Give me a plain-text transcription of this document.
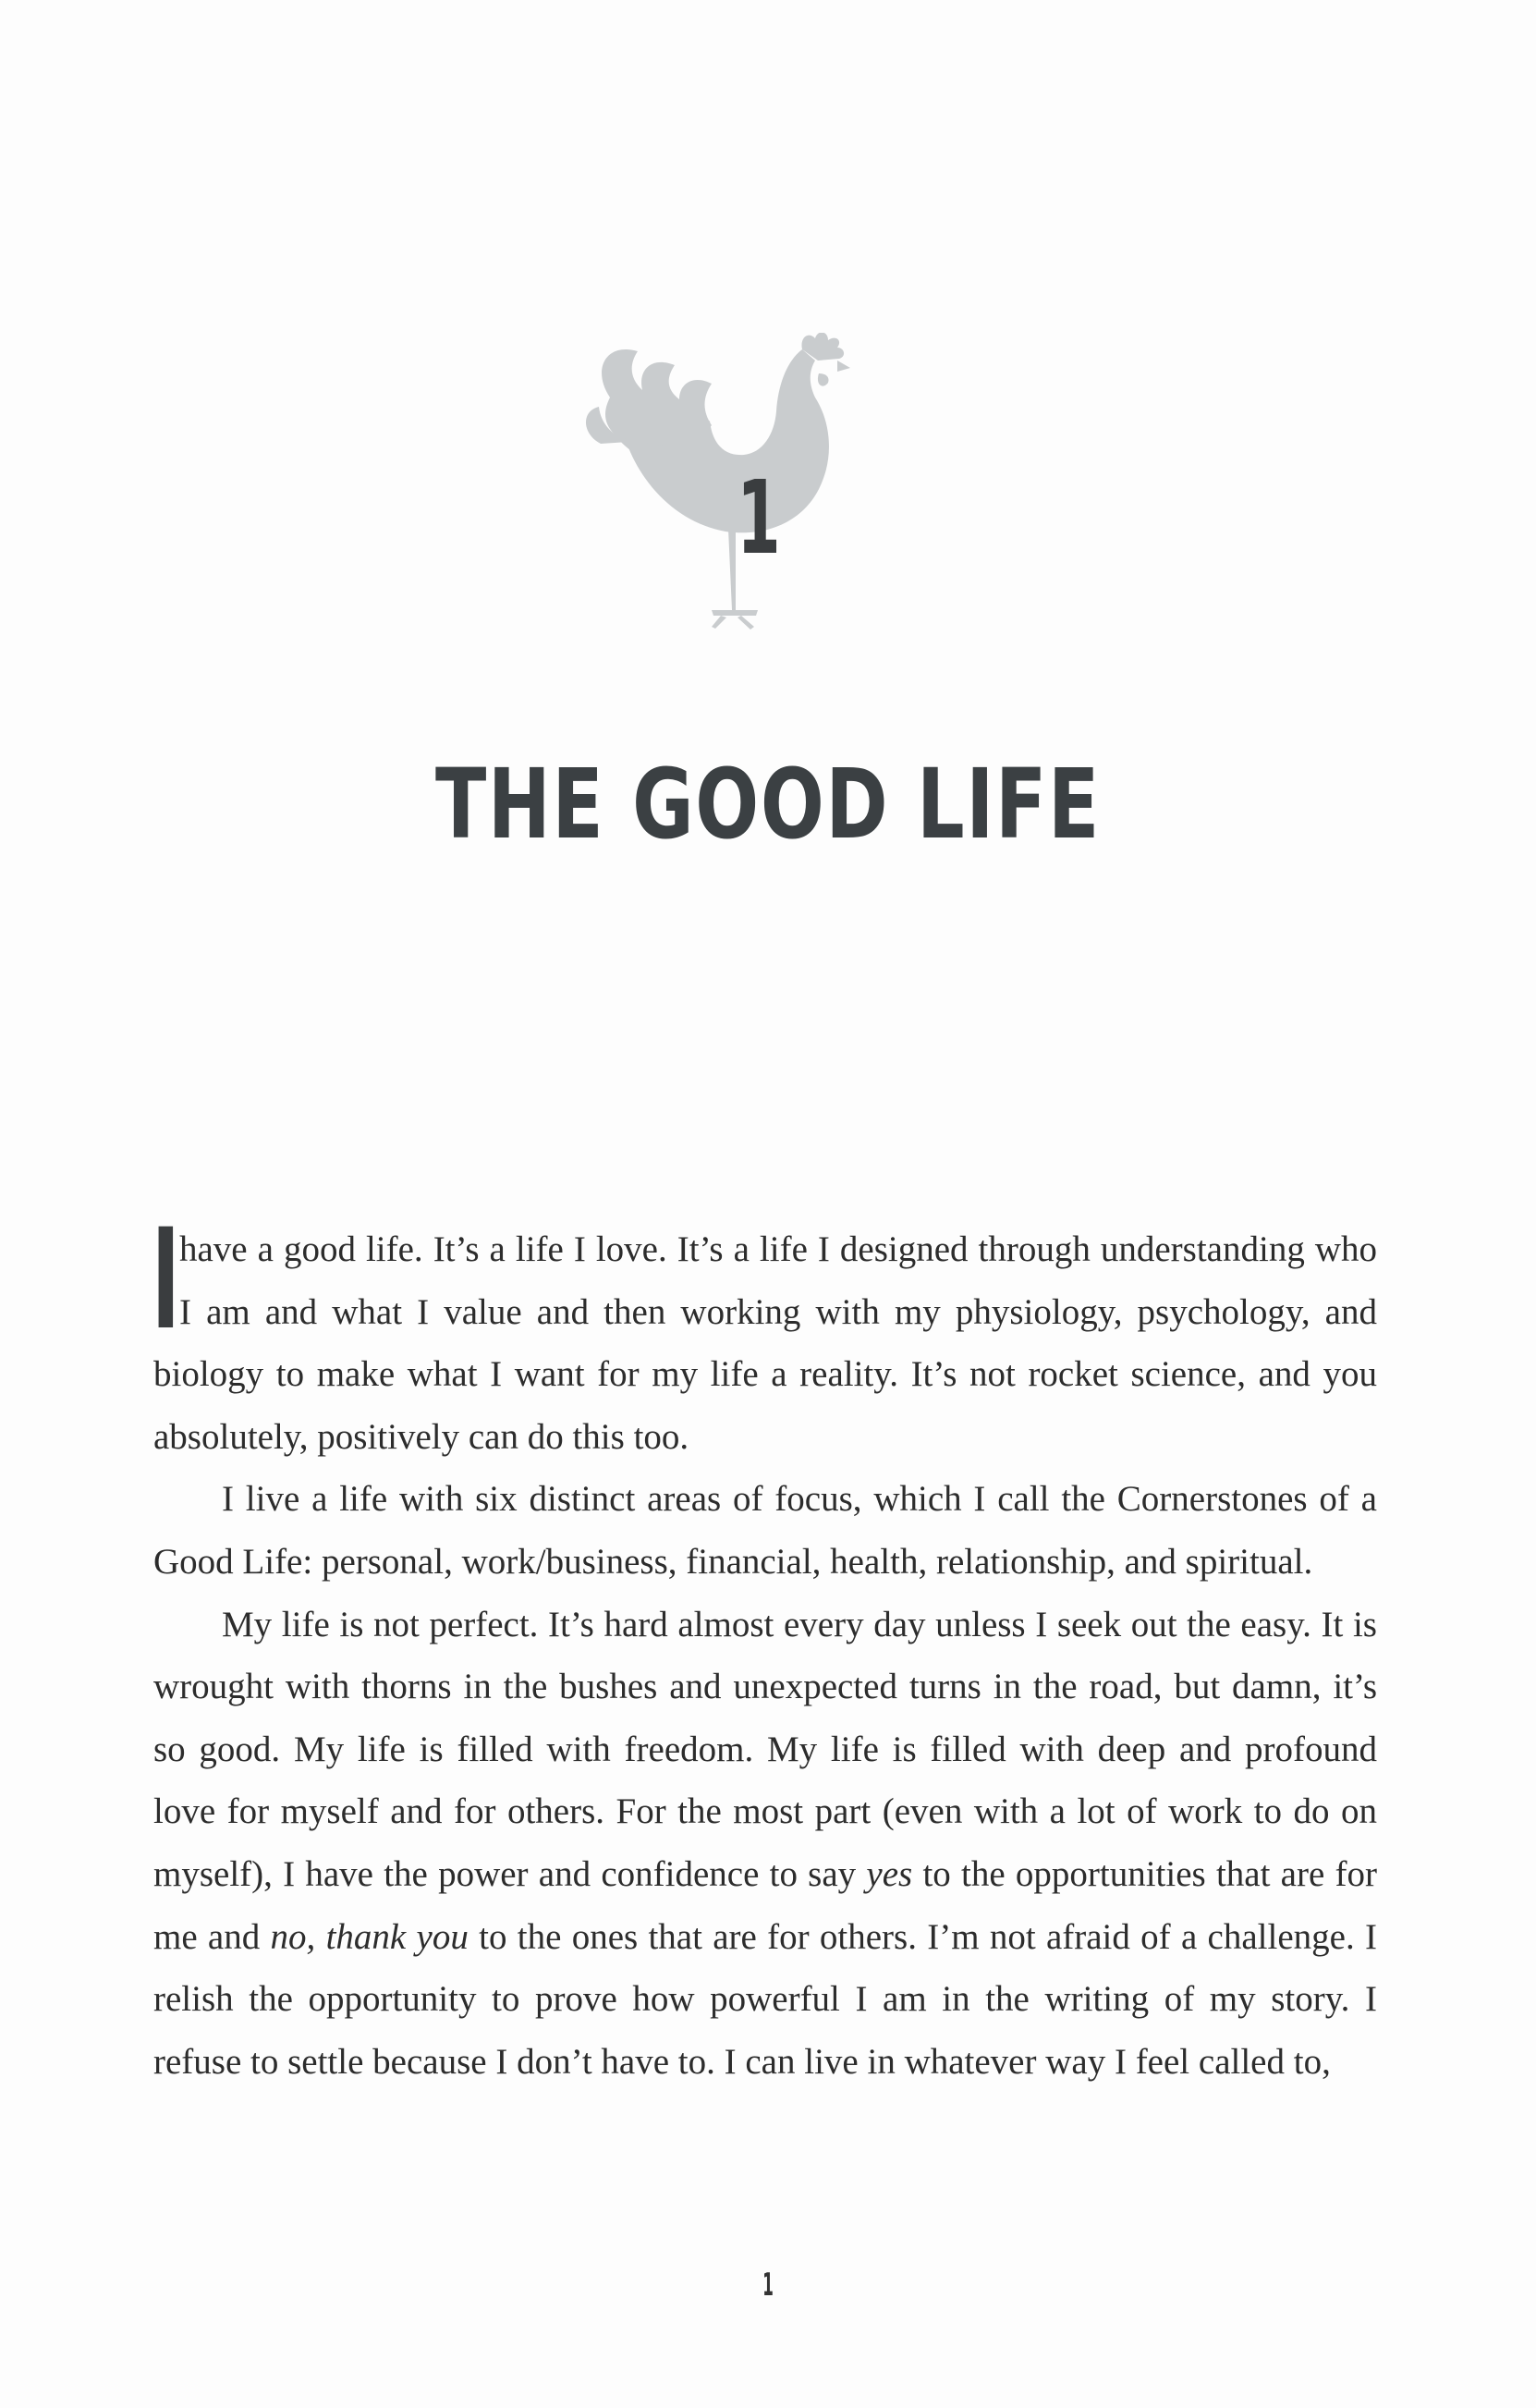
1
THE GOOD LIFE

Ihave a good life. It’s a life I love. It’s a life I designed through understanding who I am and what I value and then working with my physiology, psychology, and biology to make what I want for my life a reality. It’s not rocket science, and you absolutely, positively can do this too.

I live a life with six distinct areas of focus, which I call the Cornerstones of a Good Life: personal, work/business, financial, health, relationship, and spiritual.

My life is not perfect. It’s hard almost every day unless I seek out the easy. It is wrought with thorns in the bushes and unexpected turns in the road, but damn, it’s so good. My life is filled with freedom. My life is filled with deep and profound love for myself and for others. For the most part (even with a lot of work to do on myself), I have the power and confidence to say yes to the opportunities that are for me and no, thank you to the ones that are for others. I’m not afraid of a challenge. I relish the opportunity to prove how powerful I am in the writing of my story. I refuse to settle because I don’t have to. I can live in whatever way I feel called to,

1
